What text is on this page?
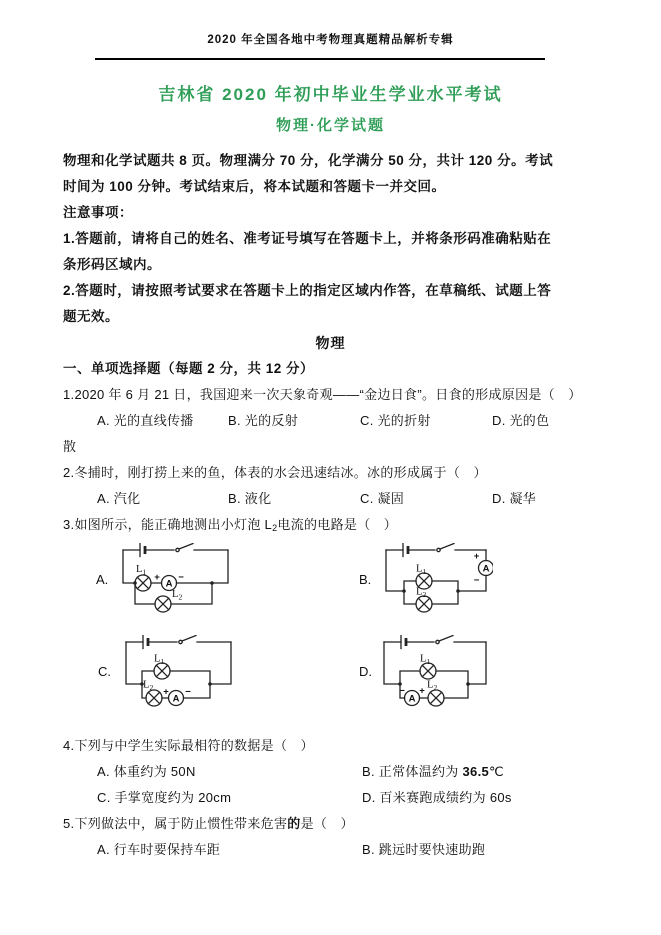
2020 年全国各地中考物理真题精品解析专辑
吉林省 2020 年初中毕业生学业水平考试
物理·化学试题
物理和化学试题共 8 页。物理满分 70 分，化学满分 50 分，共计 120 分。考试
时间为 100 分钟。考试结束后，将本试题和答题卡一并交回。
注意事项：
1.答题前，请将自己的姓名、准考证号填写在答题卡上，并将条形码准确粘贴在
条形码区域内。
2.答题时，请按照考试要求在答题卡上的指定区域内作答，在草稿纸、试题上答
题无效。
物理
一、单项选择题（每题 2 分，共 12 分）
1.2020 年 6 月 21 日，我国迎来一次天象奇观——“金边日食”。日食的形成原因是（　）
A. 光的直线传播	B. 光的反射	C. 光的折射	D. 光的色
散
2.冬捕时，刚打捞上来的鱼，体表的水会迅速结冰。冰的形成属于（　）
A. 汽化	B. 液化	C. 凝固	D. 凝华
3.如图所示，能正确地测出小灯泡 $L_2$电流的电路是（　）
A.	A
L 1 + −
L 2
B.
A
+
−
L 1
L 2
C.
A
L 1
L 2 + −
D.
A
L 1
− +
L 2
4.下列与中学生实际最相符的数据是（　）
A. 体重约为 50N	B. 正常体温约为 36.5℃
C. 手掌宽度约为 20cm	D. 百米赛跑成绩约为 60s
5.下列做法中，属于防止惯性带来危害的是（　）
A. 行车时要保持车距	B. 跳远时要快速助跑
